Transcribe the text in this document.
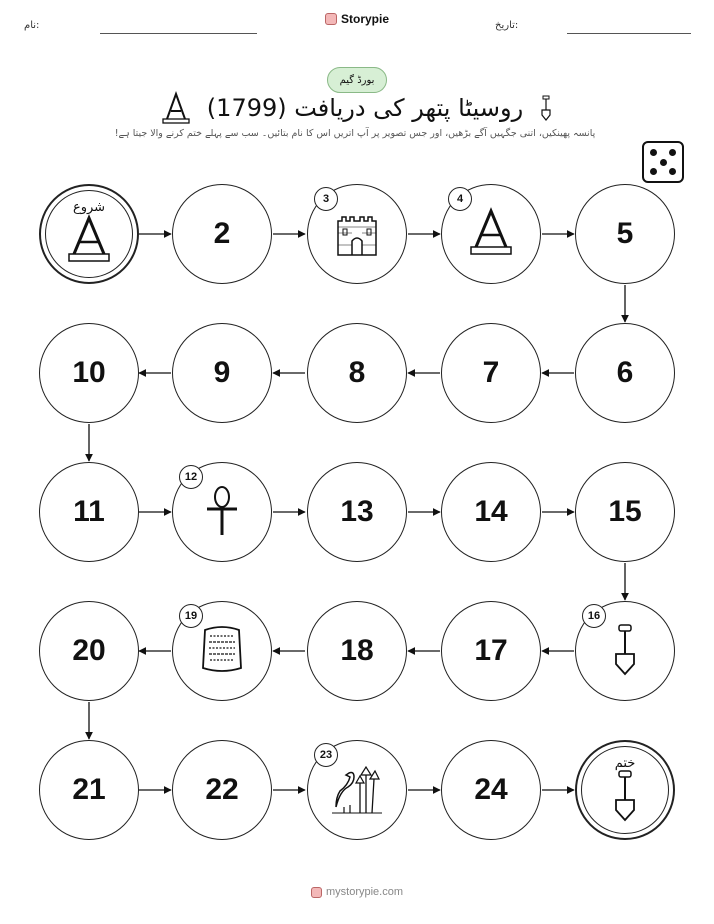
نام:	Storypie	تاریخ:
بورڈ گیم
روسیٹا پتھر کی دریافت (1799)
پانسہ پھینکیں، اتنی جگہیں آگے بڑھیں، اور جس تصویر پر آپ اتریں اس کا نام بتائیں۔ سب سے پہلے ختم کرنے والا جیتا ہے!
شروع
2
3	4
5
6
7
8
9
10
11
12
13	14	15
16
17
18
19
20
21	22
23
24
ختم
mystorypie.com
